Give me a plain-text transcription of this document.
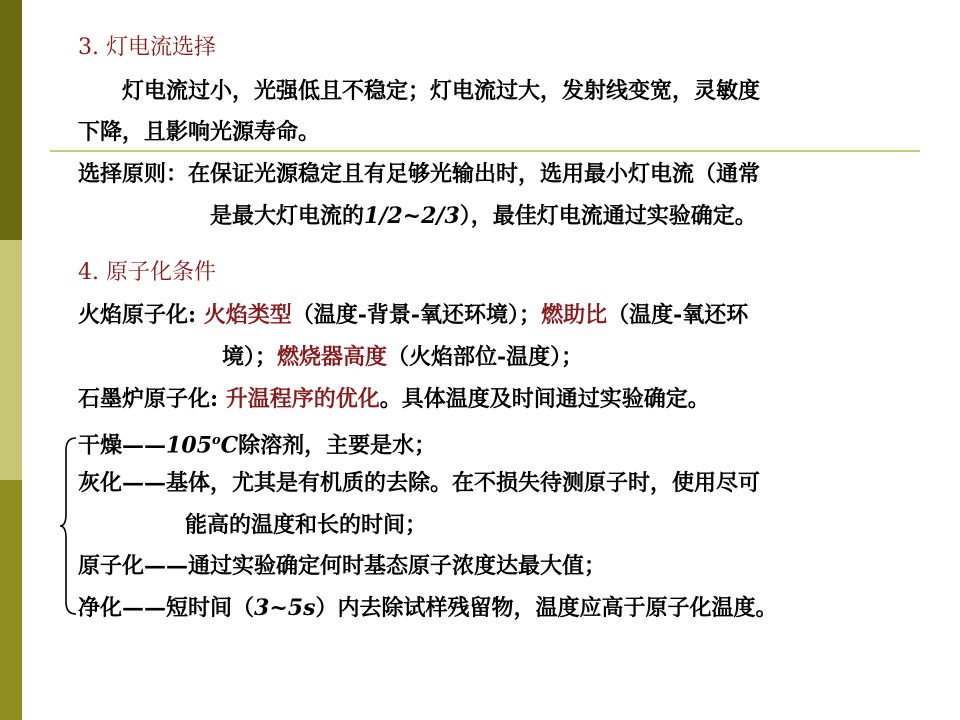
3. 灯电流选择
灯电流过小，光强低且不稳定；灯电流过大，发射线变宽，灵敏度
下降，且影响光源寿命。
选择原则：在保证光源稳定且有足够光输出时，选用最小灯电流（通常
是最大灯电流的1/2~2/3），最佳灯电流通过实验确定。
4. 原子化条件
火焰原子化: 火焰类型（温度-背景-氧还环境）；燃助比（温度-氧还环
境）；燃烧器高度（火焰部位-温度）；
石墨炉原子化: 升温程序的优化。具体温度及时间通过实验确定。
干燥——105$^o$C除溶剂，主要是水；
灰化——基体，尤其是有机质的去除。在不损失待测原子时，使用尽可
能高的温度和长的时间；
原子化——通过实验确定何时基态原子浓度达最大值；
净化——短时间（3~5s）内去除试样残留物，温度应高于原子化温度。
